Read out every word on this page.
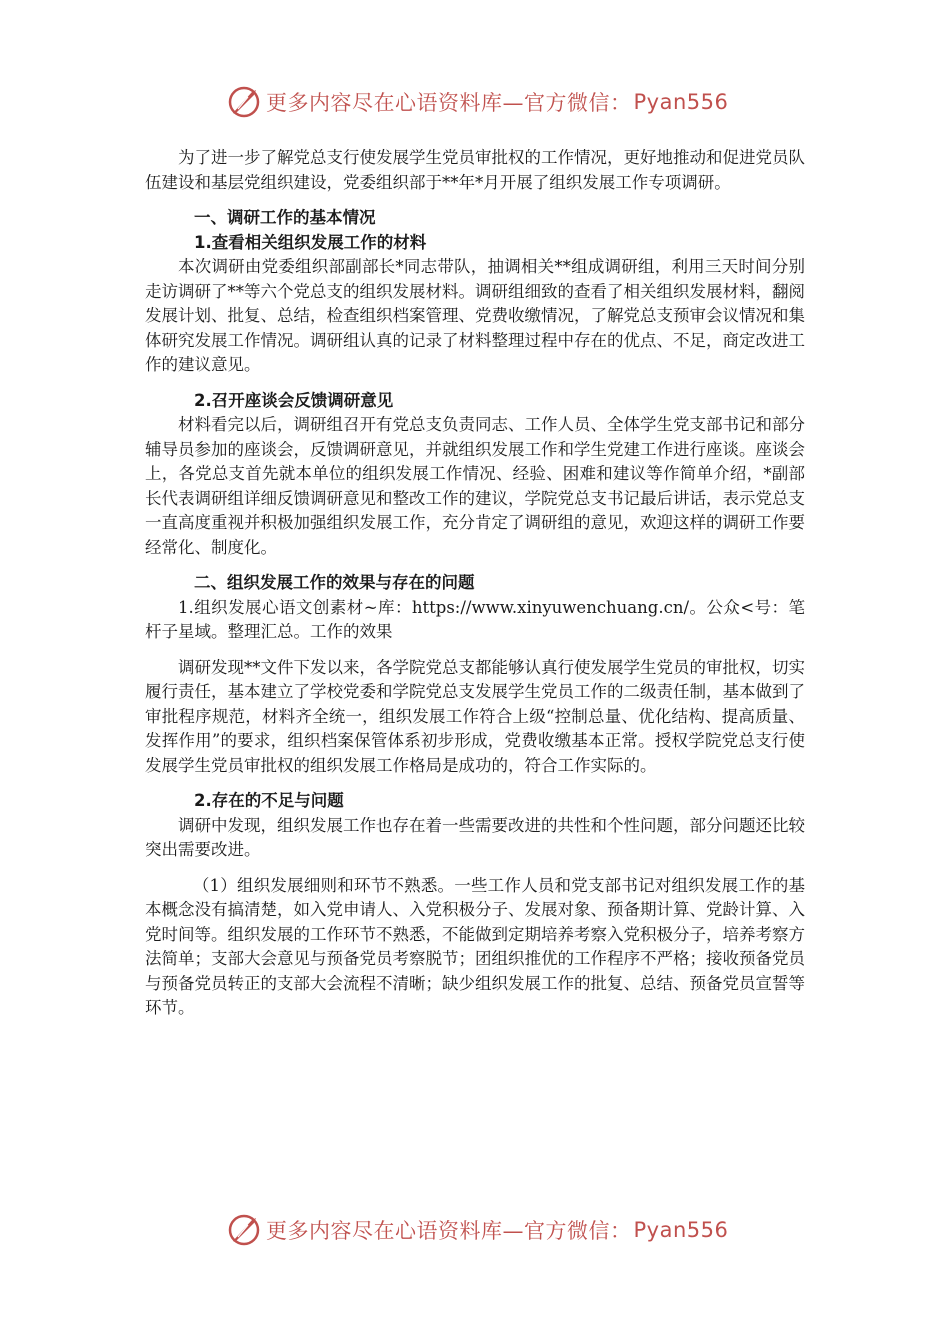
更多内容尽在心语资料库—官方微信： Pyan556

为了进一步了解党总支行使发展学生党员审批权的工作情况，更好地推动和促进党员队伍建设和基层党组织建设，党委组织部于**年*月开展了组织发展工作专项调研。

一、调研工作的基本情况

1.查看相关组织发展工作的材料

本次调研由党委组织部副部长*同志带队，抽调相关**组成调研组，利用三天时间分别走访调研了**等六个党总支的组织发展材料。调研组细致的查看了相关组织发展材料，翻阅发展计划、批复、总结，检查组织档案管理、党费收缴情况，了解党总支预审会议情况和集体研究发展工作情况。调研组认真的记录了材料整理过程中存在的优点、不足，商定改进工作的建议意见。

2.召开座谈会反馈调研意见

材料看完以后，调研组召开有党总支负责同志、工作人员、全体学生党支部书记和部分辅导员参加的座谈会，反馈调研意见，并就组织发展工作和学生党建工作进行座谈。座谈会上，各党总支首先就本单位的组织发展工作情况、经验、困难和建议等作简单介绍，*副部长代表调研组详细反馈调研意见和整改工作的建议，学院党总支书记最后讲话，表示党总支一直高度重视并积极加强组织发展工作，充分肯定了调研组的意见，欢迎这样的调研工作要经常化、制度化。

二、组织发展工作的效果与存在的问题

1.组织发展心语文创素材~库：https://www.xinyuwenchuang.cn/。公众<号：笔杆子星域。整理汇总。工作的效果

调研发现**文件下发以来，各学院党总支都能够认真行使发展学生党员的审批权，切实履行责任，基本建立了学校党委和学院党总支发展学生党员工作的二级责任制，基本做到了审批程序规范，材料齐全统一，组织发展工作符合上级“控制总量、优化结构、提高质量、发挥作用”的要求，组织档案保管体系初步形成，党费收缴基本正常。授权学院党总支行使发展学生党员审批权的组织发展工作格局是成功的，符合工作实际的。

2.存在的不足与问题

调研中发现，组织发展工作也存在着一些需要改进的共性和个性问题，部分问题还比较突出需要改进。

（1）组织发展细则和环节不熟悉。一些工作人员和党支部书记对组织发展工作的基本概念没有搞清楚，如入党申请人、入党积极分子、发展对象、预备期计算、党龄计算、入党时间等。组织发展的工作环节不熟悉，不能做到定期培养考察入党积极分子，培养考察方法简单；支部大会意见与预备党员考察脱节；团组织推优的工作程序不严格；接收预备党员与预备党员转正的支部大会流程不清晰；缺少组织发展工作的批复、总结、预备党员宣誓等环节。

更多内容尽在心语资料库—官方微信： Pyan556
